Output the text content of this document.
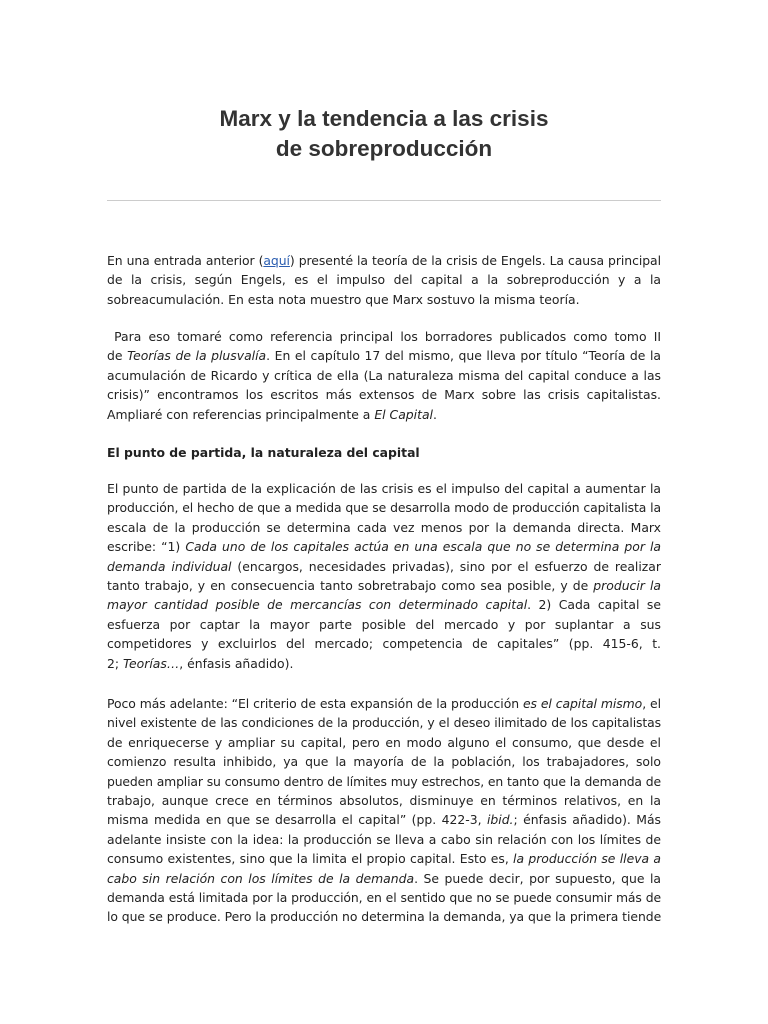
Marx y la tendencia a las crisis
de sobreproducción

En una entrada anterior (aquí) presenté la teoría de la crisis de Engels. La causa principal
de la crisis, según Engels, es el impulso del capital a la sobreproducción y a la
sobreacumulación. En esta nota muestro que Marx sostuvo la misma teoría.

Para eso tomaré como referencia principal los borradores publicados como tomo II
de Teorías de la plusvalía. En el capítulo 17 del mismo, que lleva por título “Teoría de la
acumulación de Ricardo y crítica de ella (La naturaleza misma del capital conduce a las
crisis)” encontramos los escritos más extensos de Marx sobre las crisis capitalistas.
Ampliaré con referencias principalmente a El Capital.

El punto de partida, la naturaleza del capital

El punto de partida de la explicación de las crisis es el impulso del capital a aumentar la
producción, el hecho de que a medida que se desarrolla modo de producción capitalista la
escala de la producción se determina cada vez menos por la demanda directa. Marx
escribe: “1) Cada uno de los capitales actúa en una escala que no se determina por la
demanda individual (encargos, necesidades privadas), sino por el esfuerzo de realizar
tanto trabajo, y en consecuencia tanto sobretrabajo como sea posible, y de producir la
mayor cantidad posible de mercancías con determinado capital. 2) Cada capital se
esfuerza por captar la mayor parte posible del mercado y por suplantar a sus
competidores y excluirlos del mercado; competencia de capitales” (pp. 415-6, t.
2; Teorías…, énfasis añadido).

Poco más adelante: “El criterio de esta expansión de la producción es el capital mismo, el
nivel existente de las condiciones de la producción, y el deseo ilimitado de los capitalistas
de enriquecerse y ampliar su capital, pero en modo alguno el consumo, que desde el
comienzo resulta inhibido, ya que la mayoría de la población, los trabajadores, solo
pueden ampliar su consumo dentro de límites muy estrechos, en tanto que la demanda de
trabajo, aunque crece en términos absolutos, disminuye en términos relativos, en la
misma medida en que se desarrolla el capital” (pp. 422-3, ibid.; énfasis añadido). Más
adelante insiste con la idea: la producción se lleva a cabo sin relación con los límites de
consumo existentes, sino que la limita el propio capital. Esto es, la producción se lleva a
cabo sin relación con los límites de la demanda. Se puede decir, por supuesto, que la
demanda está limitada por la producción, en el sentido que no se puede consumir más de
lo que se produce. Pero la producción no determina la demanda, ya que la primera tiende
